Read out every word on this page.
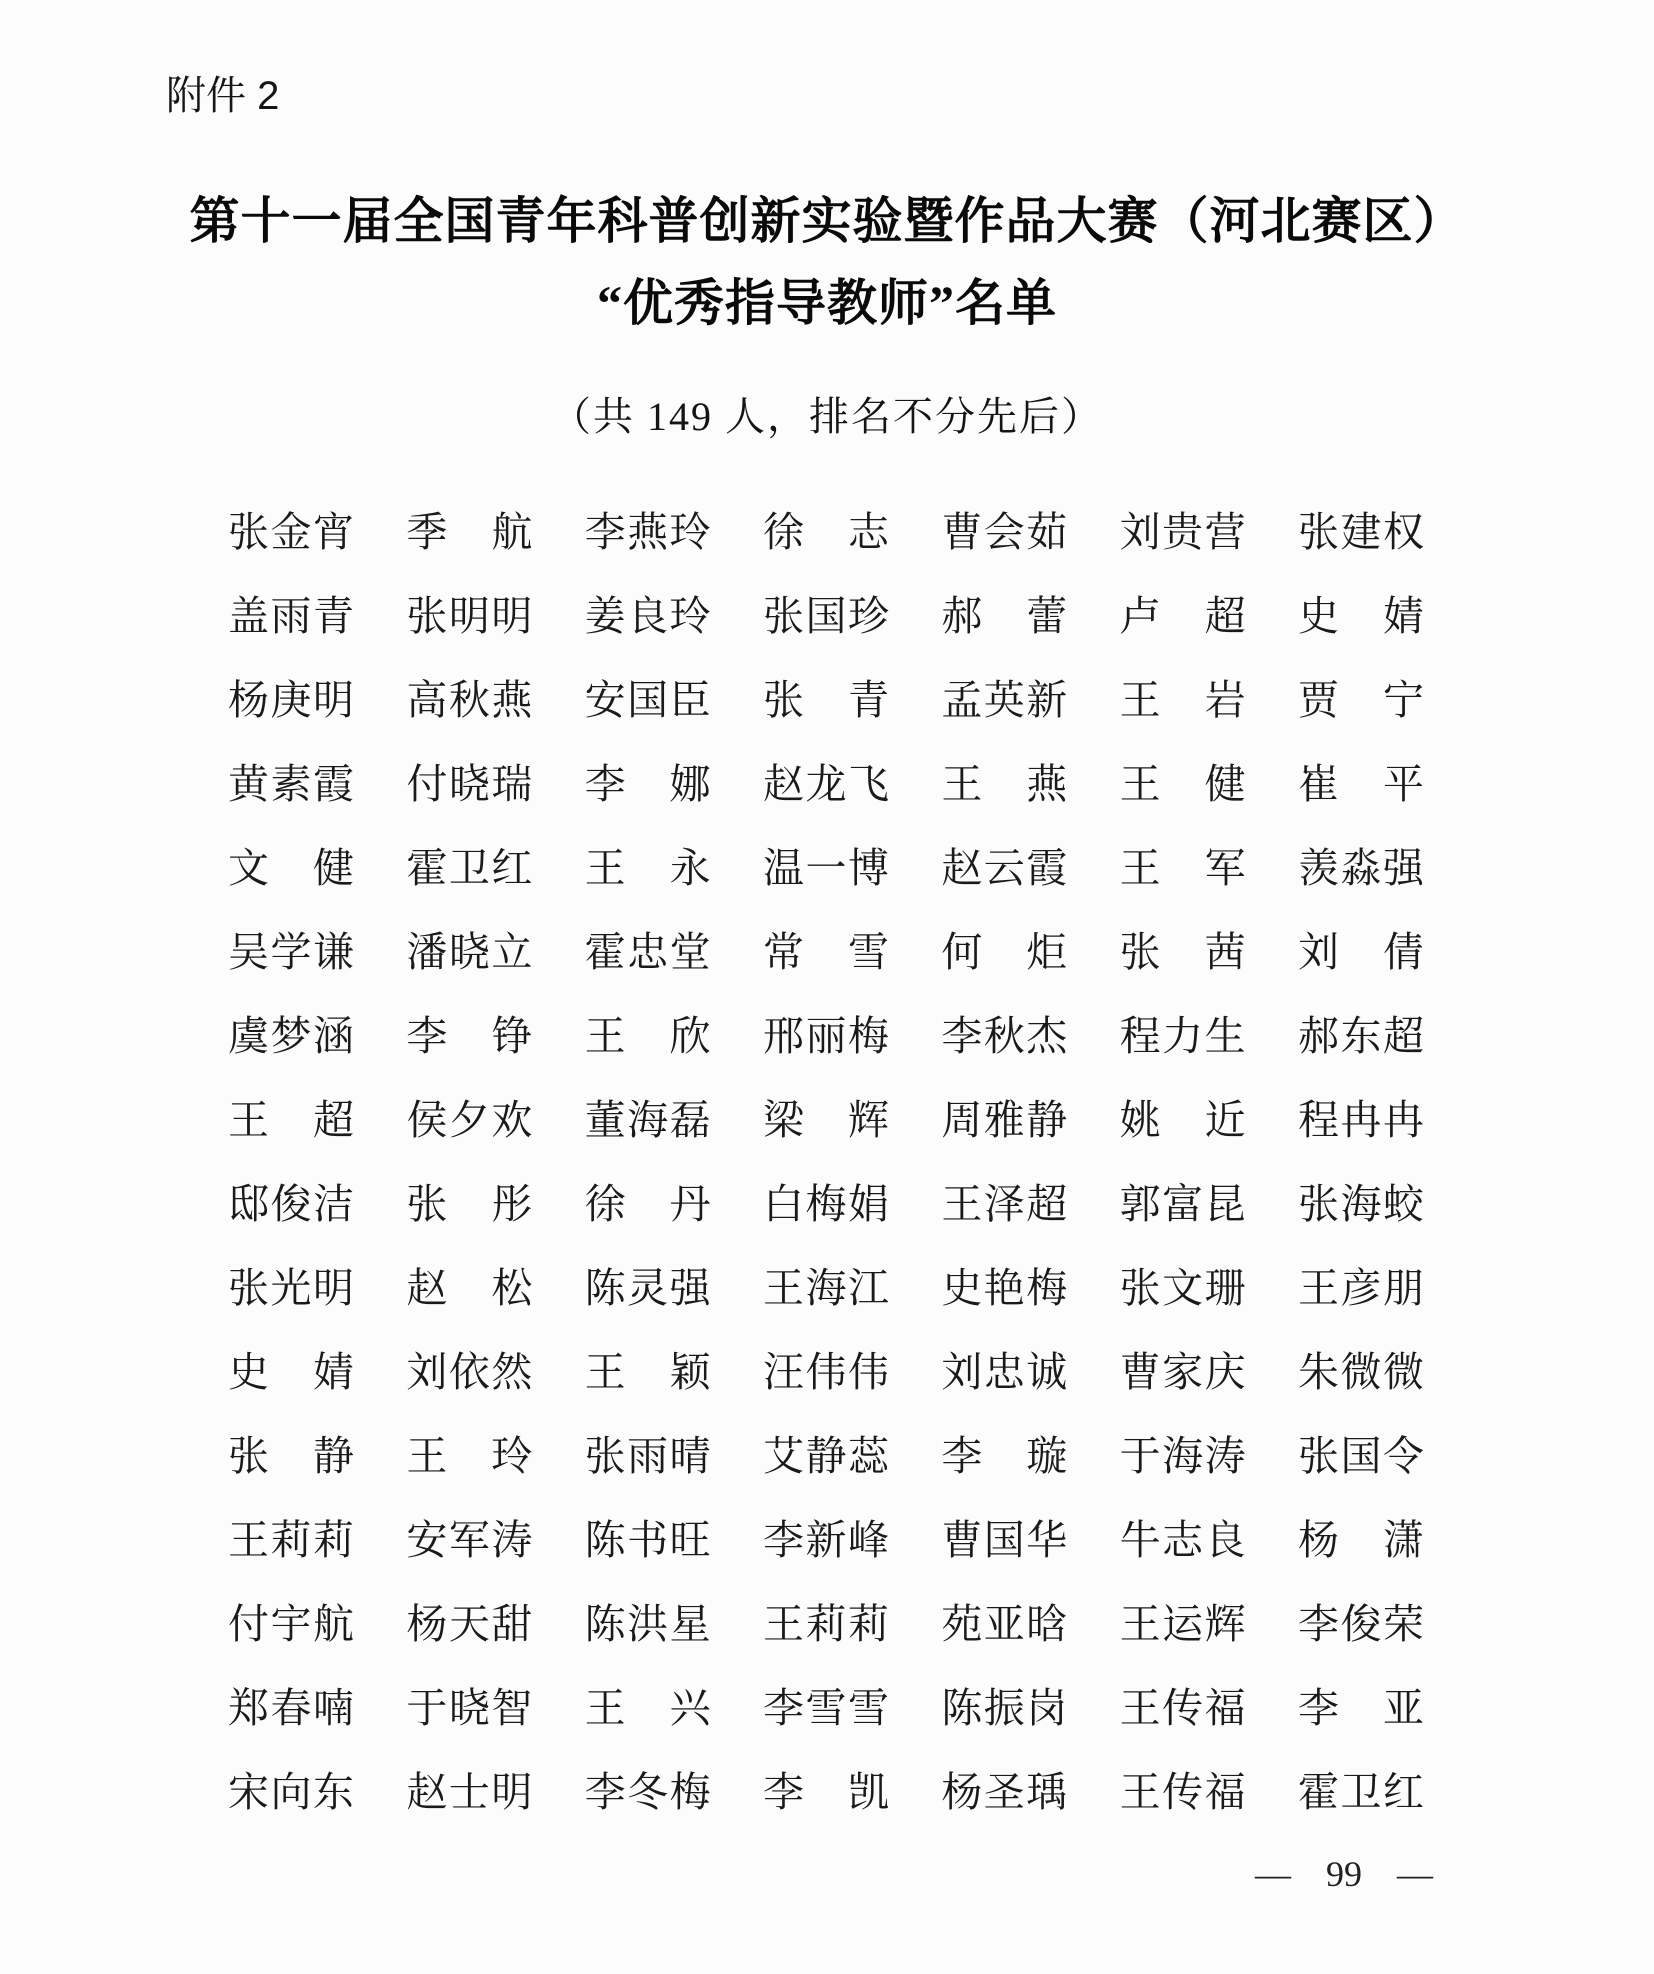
附件 2
第十一届全国青年科普创新实验暨作品大赛（河北赛区）
“优秀指导教师”名单
（共 149 人，排名不分先后）
张金宵 季航 李燕玲 徐志 曹会茹 刘贵营 张建权
盖雨青 张明明 姜良玲 张国珍 郝蕾 卢超 史婧
杨庚明 高秋燕 安国臣 张青 孟英新 王岩 贾宁
黄素霞 付晓瑞 李娜 赵龙飞 王燕 王健 崔平
文健 霍卫红 王永 温一博 赵云霞 王军 羡淼强
吴学谦 潘晓立 霍忠堂 常雪 何炬 张茜 刘倩
虞梦涵 李铮 王欣 邢丽梅 李秋杰 程力生 郝东超
王超 侯夕欢 董海磊 梁辉 周雅静 姚近 程冉冉
邸俊洁 张彤 徐丹 白梅娟 王泽超 郭富昆 张海蛟
张光明 赵松 陈灵强 王海江 史艳梅 张文珊 王彦朋
史婧 刘依然 王颖 汪伟伟 刘忠诚 曹家庆 朱微微
张静 王玲 张雨晴 艾静蕊 李璇 于海涛 张国令
王莉莉 安军涛 陈书旺 李新峰 曹国华 牛志良 杨潇
付宇航 杨天甜 陈洪星 王莉莉 苑亚晗 王运辉 李俊荣
郑春喃 于晓智 王兴 李雪雪 陈振岗 王传福 李亚
宋向东 赵士明 李冬梅 李凯 杨圣瑀 王传福 霍卫红
— 99 —
